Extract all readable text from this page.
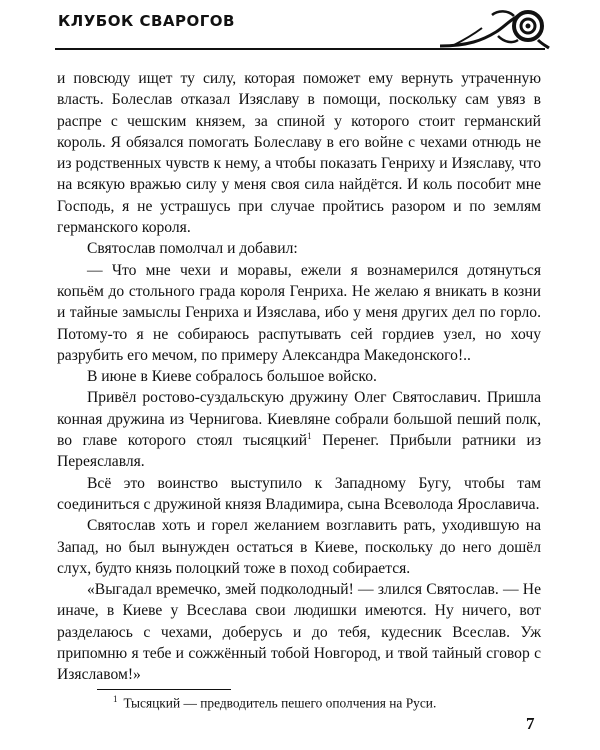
КЛУБОК СВАРОГОВ

и повсюду ищет ту силу, которая поможет ему вернуть утраченную власть. Болеслав отказал Изяславу в помощи, поскольку сам увяз в распре с чешским князем, за спиной у которого стоит германский король. Я обязался помогать Болеславу в его войне с чехами отнюдь не из родственных чувств к нему, а чтобы показать Генриху и Изяславу, что на всякую вражью силу у меня своя сила найдётся. И коль пособит мне Господь, я не устрашусь при случае пройтись разором и по землям германского короля.

Святослав помолчал и добавил:

— Что мне чехи и моравы, ежели я вознамерился дотянуться копьём до стольного града короля Генриха. Не желаю я вникать в козни и тайные замыслы Генриха и Изяслава, ибо у меня других дел по горло. Потому-то я не собираюсь распутывать сей гордиев узел, но хочу разрубить его мечом, по примеру Александра Македонского!..

В июне в Киеве собралось большое войско.

Привёл ростово-суздальскую дружину Олег Святославич. Пришла конная дружина из Чернигова. Киевляне собрали большой пеший полк, во главе которого стоял тысяцкий$^1$ Перенег. Прибыли ратники из Переяславля.

Всё это воинство выступило к Западному Бугу, чтобы там соединиться с дружиной князя Владимира, сына Всеволода Ярославича.

Святослав хоть и горел желанием возглавить рать, уходившую на Запад, но был вынужден остаться в Киеве, поскольку до него дошёл слух, будто князь полоцкий тоже в поход собирается.

«Выгадал времечко, змей подколодный! — злился Святослав. — Не иначе, в Киеве у Всеслава свои людишки имеются. Ну ничего, вот разделаюсь с чехами, доберусь и до тебя, кудесник Всеслав. Уж припомню я тебе и сожжённый тобой Новгород, и твой тайный сговор с Изяславом!»

$^1$ Тысяцкий — предводитель пешего ополчения на Руси.
7
